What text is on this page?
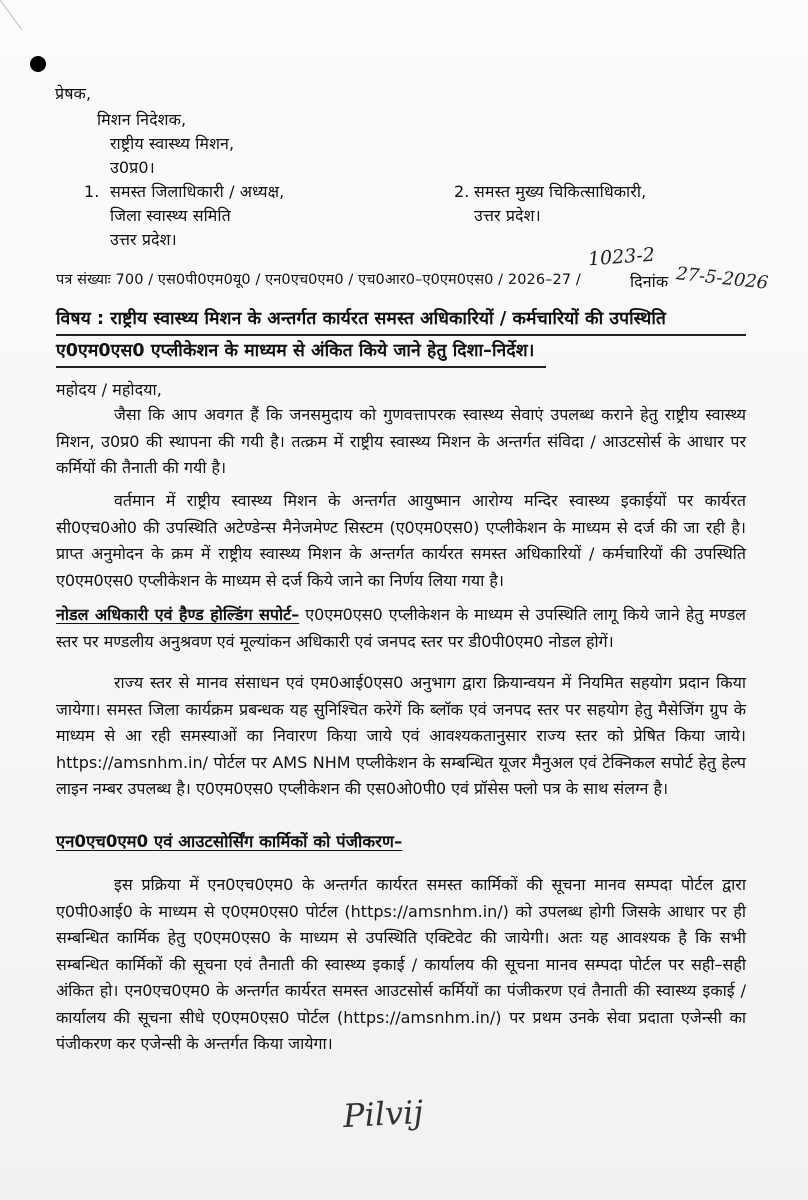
प्रेषक,
मिशन निदेशक,
राष्ट्रीय स्वास्थ्य मिशन,
उ0प्र0।
1. समस्त जिलाधिकारी / अध्यक्ष,
जिला स्वास्थ्य समिति
उत्तर प्रदेश।
2. समस्त मुख्य चिकित्साधिकारी,
उत्तर प्रदेश।
पत्र संख्याः 700 / एस0पी0एम0यू0 / एन0एच0एम0 / एच0आर0–ए0एम0एस0 / 2026–27 /
1023-2
दिनांक 27-5-2026
विषय : राष्ट्रीय स्वास्थ्य मिशन के अन्तर्गत कार्यरत समस्त अधिकारियों / कर्मचारियों की उपस्थिति
ए0एम0एस0 एप्लीकेशन के माध्यम से अंकित किये जाने हेतु दिशा–निर्देश।
महोदय / महोदया,
जैसा कि आप अवगत हैं कि जनसमुदाय को गुणवत्तापरक स्वास्थ्य सेवाएं उपलब्ध कराने हेतु राष्ट्रीय स्वास्थ्य मिशन, उ0प्र0 की स्थापना की गयी है। तत्क्रम में राष्ट्रीय स्वास्थ्य मिशन के अन्तर्गत संविदा / आउटसोर्स के आधार पर कर्मियों की तैनाती की गयी है।
वर्तमान में राष्ट्रीय स्वास्थ्य मिशन के अन्तर्गत आयुष्मान आरोग्य मन्दिर स्वास्थ्य इकाईयों पर कार्यरत सी0एच0ओ0 की उपस्थिति अटेण्डेन्स मैनेजमेण्ट सिस्टम (ए0एम0एस0) एप्लीकेशन के माध्यम से दर्ज की जा रही है। प्राप्त अनुमोदन के क्रम में राष्ट्रीय स्वास्थ्य मिशन के अन्तर्गत कार्यरत समस्त अधिकारियों / कर्मचारियों की उपस्थिति ए0एम0एस0 एप्लीकेशन के माध्यम से दर्ज किये जाने का निर्णय लिया गया है।
नोडल अधिकारी एवं हैण्ड होल्डिंग सपोर्ट– ए0एम0एस0 एप्लीकेशन के माध्यम से उपस्थिति लागू किये जाने हेतु मण्डल स्तर पर मण्डलीय अनुश्रवण एवं मूल्यांकन अधिकारी एवं जनपद स्तर पर डी0पी0एम0 नोडल होगें।
राज्य स्तर से मानव संसाधन एवं एम0आई0एस0 अनुभाग द्वारा क्रियान्वयन में नियमित सहयोग प्रदान किया जायेगा। समस्त जिला कार्यक्रम प्रबन्धक यह सुनिश्चित करेगें कि ब्लॉक एवं जनपद स्तर पर सहयोग हेतु मैसेजिंग ग्रुप के माध्यम से आ रही समस्याओं का निवारण किया जाये एवं आवश्यकतानुसार राज्य स्तर को प्रेषित किया जाये। https://amsnhm.in/ पोर्टल पर AMS NHM एप्लीकेशन के सम्बन्धित यूजर मैनुअल एवं टेक्निकल सपोर्ट हेतु हेल्प लाइन नम्बर उपलब्ध है। ए0एम0एस0 एप्लीकेशन की एस0ओ0पी0 एवं प्रॉसेस फ्लो पत्र के साथ संलग्न है।
एन0एच0एम0 एवं आउटसोर्सिंग कार्मिकों को पंजीकरण–
इस प्रक्रिया में एन0एच0एम0 के अन्तर्गत कार्यरत समस्त कार्मिकों की सूचना मानव सम्पदा पोर्टल द्वारा ए0पी0आई0 के माध्यम से ए0एम0एस0 पोर्टल (https://amsnhm.in/) को उपलब्ध होगी जिसके आधार पर ही सम्बन्धित कार्मिक हेतु ए0एम0एस0 के माध्यम से उपस्थिति एक्टिवेट की जायेगी। अतः यह आवश्यक है कि सभी सम्बन्धित कार्मिकों की सूचना एवं तैनाती की स्वास्थ्य इकाई / कार्यालय की सूचना मानव सम्पदा पोर्टल पर सही–सही अंकित हो। एन0एच0एम0 के अन्तर्गत कार्यरत समस्त आउटसोर्स कर्मियों का पंजीकरण एवं तैनाती की स्वास्थ्य इकाई / कार्यालय की सूचना सीधे ए0एम0एस0 पोर्टल (https://amsnhm.in/) पर प्रथम उनके सेवा प्रदाता एजेन्सी का पंजीकरण कर एजेन्सी के अन्तर्गत किया जायेगा।
Pilvij
